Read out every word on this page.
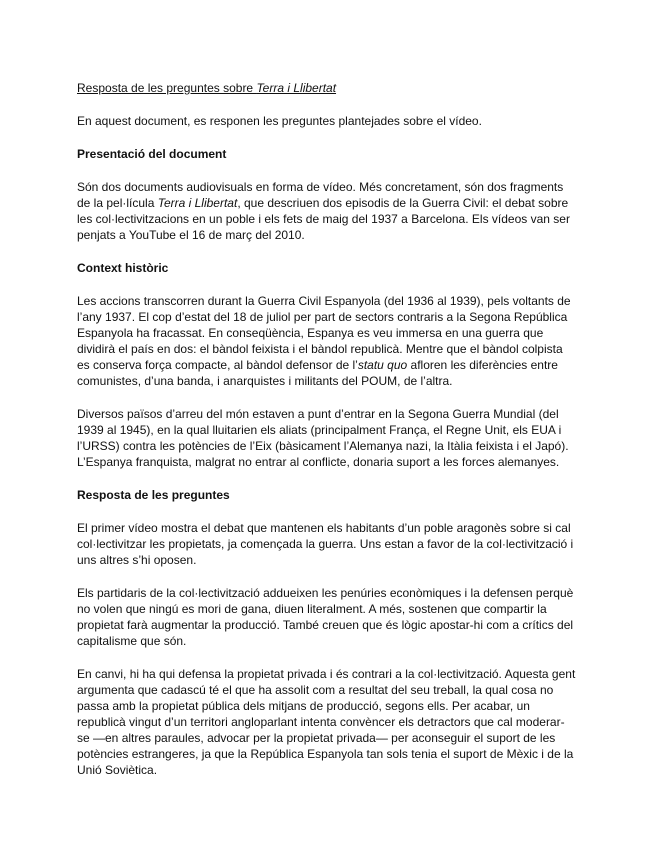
Resposta de les preguntes sobre Terra i Llibertat

En aquest document, es responen les preguntes plantejades sobre el vídeo.

Presentació del document

Són dos documents audiovisuals en forma de vídeo. Més concretament, són dos fragments de la pel·lícula Terra i Llibertat, que descriuen dos episodis de la Guerra Civil: el debat sobre les col·lectivitzacions en un poble i els fets de maig del 1937 a Barcelona. Els vídeos van ser penjats a YouTube el 16 de març del 2010.

Context històric

Les accions transcorren durant la Guerra Civil Espanyola (del 1936 al 1939), pels voltants de l’any 1937. El cop d’estat del 18 de juliol per part de sectors contraris a la Segona República Espanyola ha fracassat. En conseqüència, Espanya es veu immersa en una guerra que dividirà el país en dos: el bàndol feixista i el bàndol republicà. Mentre que el bàndol colpista es conserva força compacte, al bàndol defensor de l’statu quo afloren les diferències entre comunistes, d’una banda, i anarquistes i militants del POUM, de l’altra.

Diversos països d’arreu del món estaven a punt d’entrar en la Segona Guerra Mundial (del 1939 al 1945), en la qual lluitarien els aliats (principalment França, el Regne Unit, els EUA i l’URSS) contra les potències de l’Eix (bàsicament l’Alemanya nazi, la Itàlia feixista i el Japó). L’Espanya franquista, malgrat no entrar al conflicte, donaria suport a les forces alemanyes.

Resposta de les preguntes

El primer vídeo mostra el debat que mantenen els habitants d’un poble aragonès sobre si cal col·lectivitzar les propietats, ja començada la guerra. Uns estan a favor de la col·lectivització i uns altres s’hi oposen.

Els partidaris de la col·lectivització addueixen les penúries econòmiques i la defensen perquè no volen que ningú es mori de gana, diuen literalment. A més, sostenen que compartir la propietat farà augmentar la producció. També creuen que és lògic apostar-hi com a crítics del capitalisme que són.

En canvi, hi ha qui defensa la propietat privada i és contrari a la col·lectivització. Aquesta gent argumenta que cadascú té el que ha assolit com a resultat del seu treball, la qual cosa no passa amb la propietat pública dels mitjans de producció, segons ells. Per acabar, un republicà vingut d’un territori angloparlant intenta convèncer els detractors que cal moderar-se —en altres paraules, advocar per la propietat privada— per aconseguir el suport de les potències estrangeres, ja que la República Espanyola tan sols tenia el suport de Mèxic i de la Unió Soviètica.
